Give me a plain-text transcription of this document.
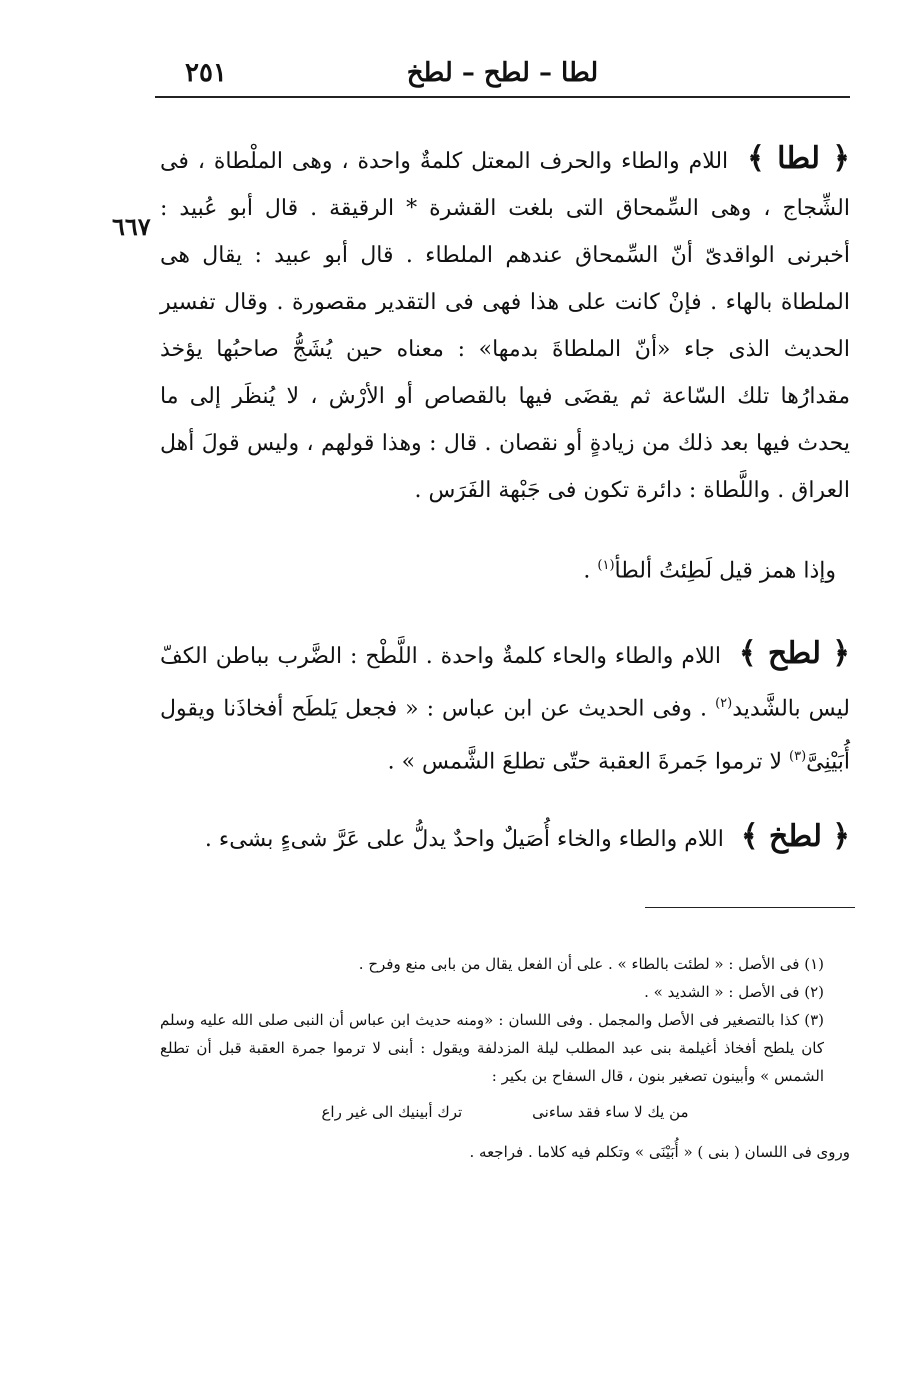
٢٥١	لطا – لطح – لطخ
٦٦٧

﴿ لطا ﴾ اللام والطاء والحرف المعتل كلمةٌ واحدة ، وهى الملْطاة ، فى الشِّجاج ، وهى السِّمحاق التى بلغت القشرة * الرقيقة . قال أبو عُبيد : أخبرنى الواقدىّ أنّ السِّمحاق عندهم الملطاء . قال أبو عبيد : يقال هى الملطاة بالهاء . فإنْ كانت على هذا فهى فى التقدير مقصورة . وقال تفسير الحديث الذى جاء «أنّ الملطاةَ بدمها» : معناه حين يُشَجُّ صاحبُها يؤخذ مقدارُها تلك السّاعة ثم يقضَى فيها بالقصاص أو الأرْش ، لا يُنظَر إلى ما يحدث فيها بعد ذلك من زيادةٍ أو نقصان . قال : وهذا قولهم ، وليس قولَ أهل العراق . واللَّطاة : دائرة تكون فى جَبْهة الفَرَس .

وإذا همز قيل لَطِئتُ ألطأ$^{(١)}$ .

﴿ لطح ﴾ اللام والطاء والحاء كلمةٌ واحدة . اللَّطْح : الضَّرب بباطن الكفّ ليس بالشَّديد$^{(٢)}$ . وفى الحديث عن ابن عباس : « فجعل يَلطَح أفخاذَنا ويقول أُبَيْنِىَّ$^{(٣)}$ لا ترموا جَمرةَ العقبة حتّى تطلعَ الشَّمس » .

﴿ لطخ ﴾ اللام والطاء والخاء أُصَيلٌ واحدٌ يدلُّ على عَرَّ شىءٍ بشىء .

(١) فى الأصل : « لطئت بالطاء » . على أن الفعل يقال من بابى منع وفرح .

(٢) فى الأصل : « الشديد » .

(٣) كذا بالتصغير فى الأصل والمجمل . وفى اللسان : «ومنه حديث ابن عباس أن النبى صلى الله عليه وسلم كان يلطح أفخاذ أغيلمة بنى عبد المطلب ليلة المزدلفة ويقول : أبنى لا ترموا جمرة العقبة قبل أن تطلع الشمس » وأبينون تصغير بنون ، قال السفاح بن بكير :

من يك لا ساء فقد ساءنى
ترك أبينيك الى غير راع

وروى فى اللسان ( بنى ) « أُبَيْنَى » وتكلم فيه كلاما . فراجعه .
